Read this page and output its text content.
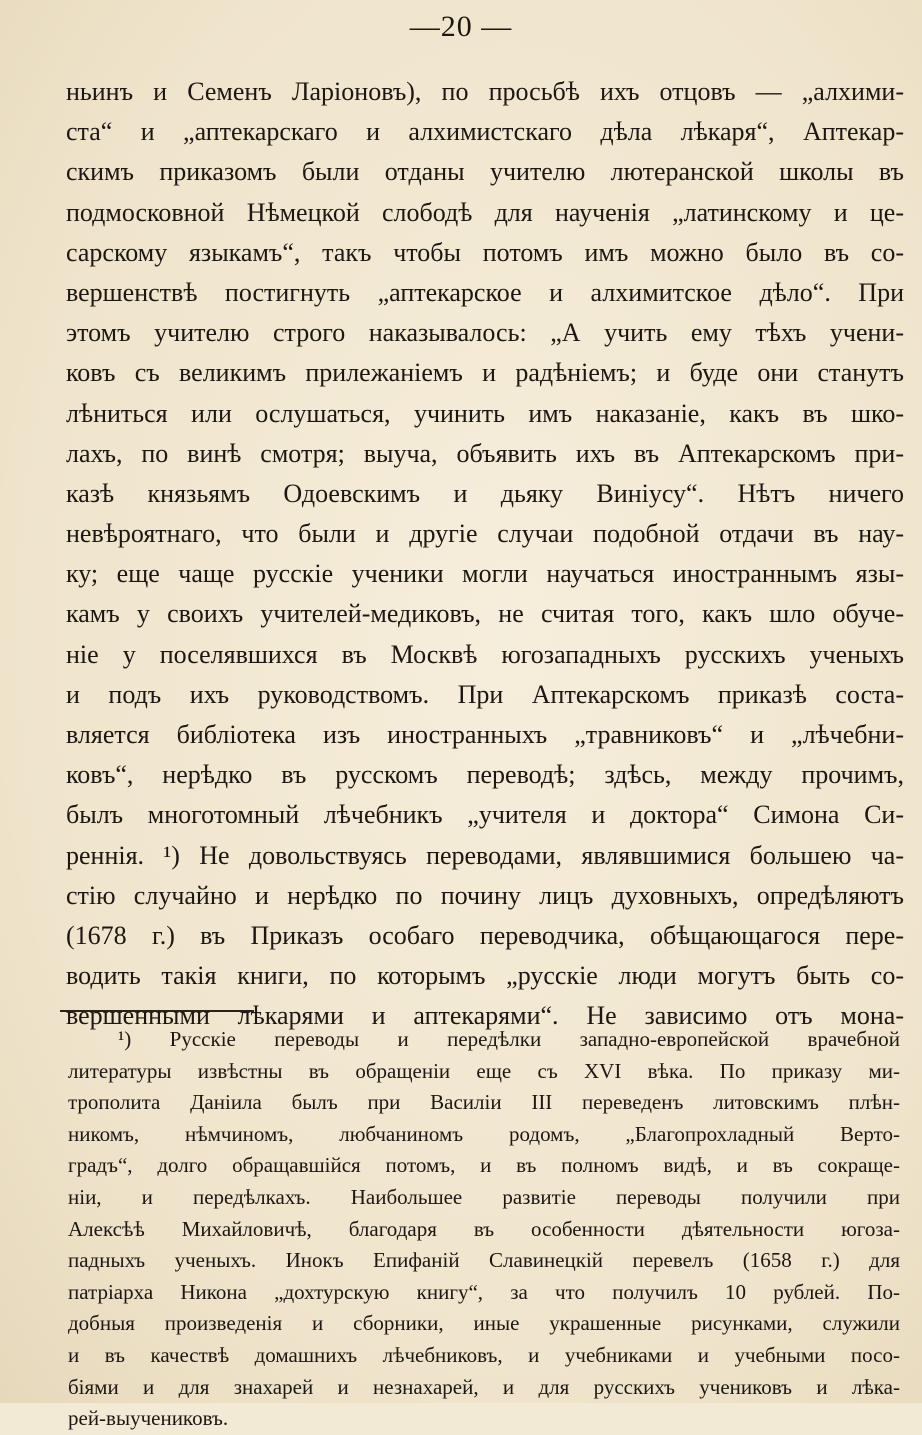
—20 —
ньинъ и Семенъ Ларіоновъ), по просьбѣ ихъ отцовъ — „алхими-
ста“ и „аптекарскаго и алхимистскаго дѣла лѣкаря“, Аптекар-
скимъ приказомъ были отданы учителю лютеранской школы въ
подмосковной Нѣмецкой слободѣ для наученія „латинскому и це-
сарскому языкамъ“, такъ чтобы потомъ имъ можно было въ со-
вершенствѣ постигнуть „аптекарское и алхимитское дѣло“. При
этомъ учителю строго наказывалось: „А учить ему тѣхъ учени-
ковъ съ великимъ прилежаніемъ и радѣніемъ; и буде они станутъ
лѣниться или ослушаться, учинить имъ наказаніе, какъ въ шко-
лахъ, по винѣ смотря; выуча, объявить ихъ въ Аптекарскомъ при-
казѣ князьямъ Одоевскимъ и дьяку Виніусу“. Нѣтъ ничего
невѣроятнаго, что были и другіе случаи подобной отдачи въ нау-
ку; еще чаще русскіе ученики могли научаться иностраннымъ язы-
камъ у своихъ учителей-медиковъ, не считая того, какъ шло обуче-
ніе у поселявшихся въ Москвѣ югозападныхъ русскихъ ученыхъ
и подъ ихъ руководствомъ. При Аптекарскомъ приказѣ соста-
вляется библіотека изъ иностранныхъ „травниковъ“ и „лѣчебни-
ковъ“, нерѣдко въ русскомъ переводѣ; здѣсь, между прочимъ,
былъ многотомный лѣчебникъ „учителя и доктора“ Симона Си-
реннія. ¹) Не довольствуясь переводами, являвшимися большею ча-
стію случайно и нерѣдко по почину лицъ духовныхъ, опредѣляютъ
(1678 г.) въ Приказъ особаго переводчика, обѣщающагося пере-
водить такія книги, по которымъ „русскіе люди могутъ быть со-
вершенными лѣкарями и аптекарями“. Не зависимо отъ мона-
¹) Русскіе переводы и передѣлки западно-европейской врачебной
литературы извѣстны въ обращеніи еще съ XVI вѣка. По приказу ми-
трополита Даніила былъ при Василіи III переведенъ литовскимъ плѣн-
никомъ, нѣмчиномъ, любчаниномъ родомъ, „Благопрохладный Верто-
градъ“, долго обращавшійся потомъ, и въ полномъ видѣ, и въ сокраще-
ніи, и передѣлкахъ. Наибольшее развитіе переводы получили при
Алексѣѣ Михайловичѣ, благодаря въ особенности дѣятельности югоза-
падныхъ ученыхъ. Инокъ Епифаній Славинецкій перевелъ (1658 г.) для
патріарха Никона „дохтурскую книгу“, за что получилъ 10 рублей. По-
добныя произведенія и сборники, иные украшенные рисунками, служили
и въ качествѣ домашнихъ лѣчебниковъ, и учебниками и учебными посо-
біями и для знахарей и незнахарей, и для русскихъ учениковъ и лѣка-
рей-выучениковъ.
